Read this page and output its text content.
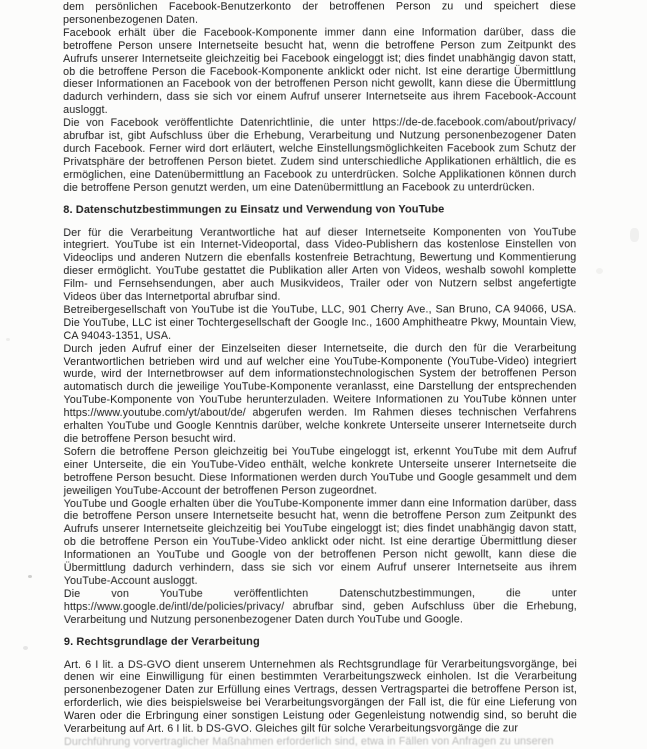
dem persönlichen Facebook-Benutzerkonto der betroffenen Person zu und speichert diese personenbezogenen Daten.

Facebook erhält über die Facebook-Komponente immer dann eine Information darüber, dass die betroffene Person unsere Internetseite besucht hat, wenn die betroffene Person zum Zeitpunkt des Aufrufs unserer Internetseite gleichzeitig bei Facebook eingeloggt ist; dies findet unabhängig davon statt, ob die betroffene Person die Facebook-Komponente anklickt oder nicht. Ist eine derartige Übermittlung dieser Informationen an Facebook von der betroffenen Person nicht gewollt, kann diese die Übermittlung dadurch verhindern, dass sie sich vor einem Aufruf unserer Internetseite aus ihrem Facebook-Account ausloggt.

Die von Facebook veröffentlichte Datenrichtlinie, die unter https://de-de.facebook.com/about/privacy/ abrufbar ist, gibt Aufschluss über die Erhebung, Verarbeitung und Nutzung personenbezogener Daten durch Facebook. Ferner wird dort erläutert, welche Einstellungsmöglichkeiten Facebook zum Schutz der Privatsphäre der betroffenen Person bietet. Zudem sind unterschiedliche Applikationen erhältlich, die es ermöglichen, eine Datenübermittlung an Facebook zu unterdrücken. Solche Applikationen können durch die betroffene Person genutzt werden, um eine Datenübermittlung an Facebook zu unterdrücken.

8. Datenschutzbestimmungen zu Einsatz und Verwendung von YouTube

Der für die Verarbeitung Verantwortliche hat auf dieser Internetseite Komponenten von YouTube integriert. YouTube ist ein Internet-Videoportal, dass Video-Publishern das kostenlose Einstellen von Videoclips und anderen Nutzern die ebenfalls kostenfreie Betrachtung, Bewertung und Kommentierung dieser ermöglicht. YouTube gestattet die Publikation aller Arten von Videos, weshalb sowohl komplette Film- und Fernsehsendungen, aber auch Musikvideos, Trailer oder von Nutzern selbst angefertigte Videos über das Internetportal abrufbar sind.

Betreibergesellschaft von YouTube ist die YouTube, LLC, 901 Cherry Ave., San Bruno, CA 94066, USA. Die YouTube, LLC ist einer Tochtergesellschaft der Google Inc., 1600 Amphitheatre Pkwy, Mountain View, CA 94043-1351, USA.

Durch jeden Aufruf einer der Einzelseiten dieser Internetseite, die durch den für die Verarbeitung Verantwortlichen betrieben wird und auf welcher eine YouTube-Komponente (YouTube-Video) integriert wurde, wird der Internetbrowser auf dem informationstechnologischen System der betroffenen Person automatisch durch die jeweilige YouTube-Komponente veranlasst, eine Darstellung der entsprechenden YouTube-Komponente von YouTube herunterzuladen. Weitere Informationen zu YouTube können unter https://www.youtube.com/yt/about/de/ abgerufen werden. Im Rahmen dieses technischen Verfahrens erhalten YouTube und Google Kenntnis darüber, welche konkrete Unterseite unserer Internetseite durch die betroffene Person besucht wird.

Sofern die betroffene Person gleichzeitig bei YouTube eingeloggt ist, erkennt YouTube mit dem Aufruf einer Unterseite, die ein YouTube-Video enthält, welche konkrete Unterseite unserer Internetseite die betroffene Person besucht. Diese Informationen werden durch YouTube und Google gesammelt und dem jeweiligen YouTube-Account der betroffenen Person zugeordnet.

YouTube und Google erhalten über die YouTube-Komponente immer dann eine Information darüber, dass die betroffene Person unsere Internetseite besucht hat, wenn die betroffene Person zum Zeitpunkt des Aufrufs unserer Internetseite gleichzeitig bei YouTube eingeloggt ist; dies findet unabhängig davon statt, ob die betroffene Person ein YouTube-Video anklickt oder nicht. Ist eine derartige Übermittlung dieser Informationen an YouTube und Google von der betroffenen Person nicht gewollt, kann diese die Übermittlung dadurch verhindern, dass sie sich vor einem Aufruf unserer Internetseite aus ihrem YouTube-Account ausloggt.

Die von YouTube veröffentlichten Datenschutzbestimmungen, die unter https://www.google.de/intl/de/policies/privacy/ abrufbar sind, geben Aufschluss über die Erhebung, Verarbeitung und Nutzung personenbezogener Daten durch YouTube und Google.

9. Rechtsgrundlage der Verarbeitung

Art. 6 I lit. a DS-GVO dient unserem Unternehmen als Rechtsgrundlage für Verarbeitungsvorgänge, bei denen wir eine Einwilligung für einen bestimmten Verarbeitungszweck einholen. Ist die Verarbeitung personenbezogener Daten zur Erfüllung eines Vertrags, dessen Vertragspartei die betroffene Person ist, erforderlich, wie dies beispielsweise bei Verarbeitungsvorgängen der Fall ist, die für eine Lieferung von Waren oder die Erbringung einer sonstigen Leistung oder Gegenleistung notwendig sind, so beruht die Verarbeitung auf Art. 6 I lit. b DS-GVO. Gleiches gilt für solche Verarbeitungsvorgänge die zur

Durchführung vorvertraglicher Maßnahmen erforderlich sind, etwa in Fällen von Anfragen zu unseren
